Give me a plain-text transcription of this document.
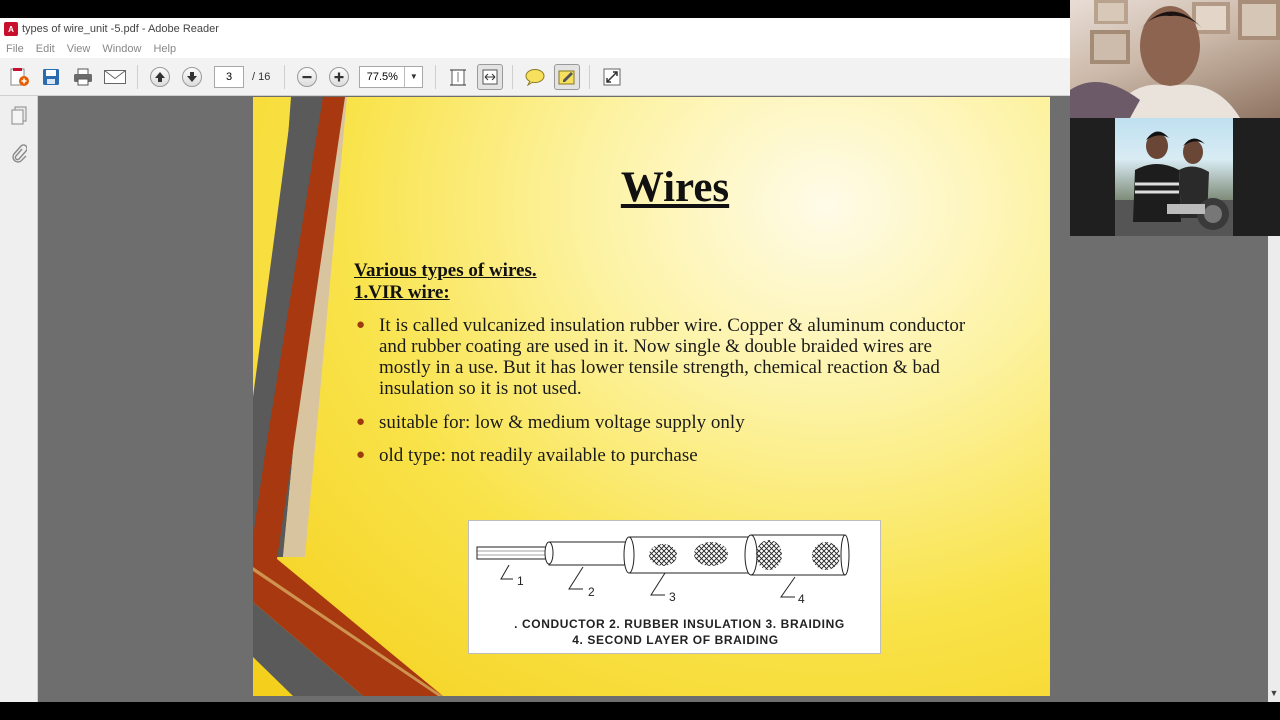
A types of wire_unit -5.pdf - Adobe Reader
File Edit View Window Help
3	/ 16	77.5%	▼
▼
Wires
Various types of wires.
1.VIR wire:
● It is called vulcanized insulation rubber wire. Copper & aluminum conductor and rubber coating are used in it. Now single & double braided wires are mostly in a use. But it has lower tensile strength, chemical reaction & bad insulation so it is not used.
● suitable for: low & medium voltage supply only
● old type: not readily available to purchase
1
2	3	4
. CONDUCTOR 2. RUBBER INSULATION 3. BRAIDING
4. SECOND LAYER OF BRAIDING
